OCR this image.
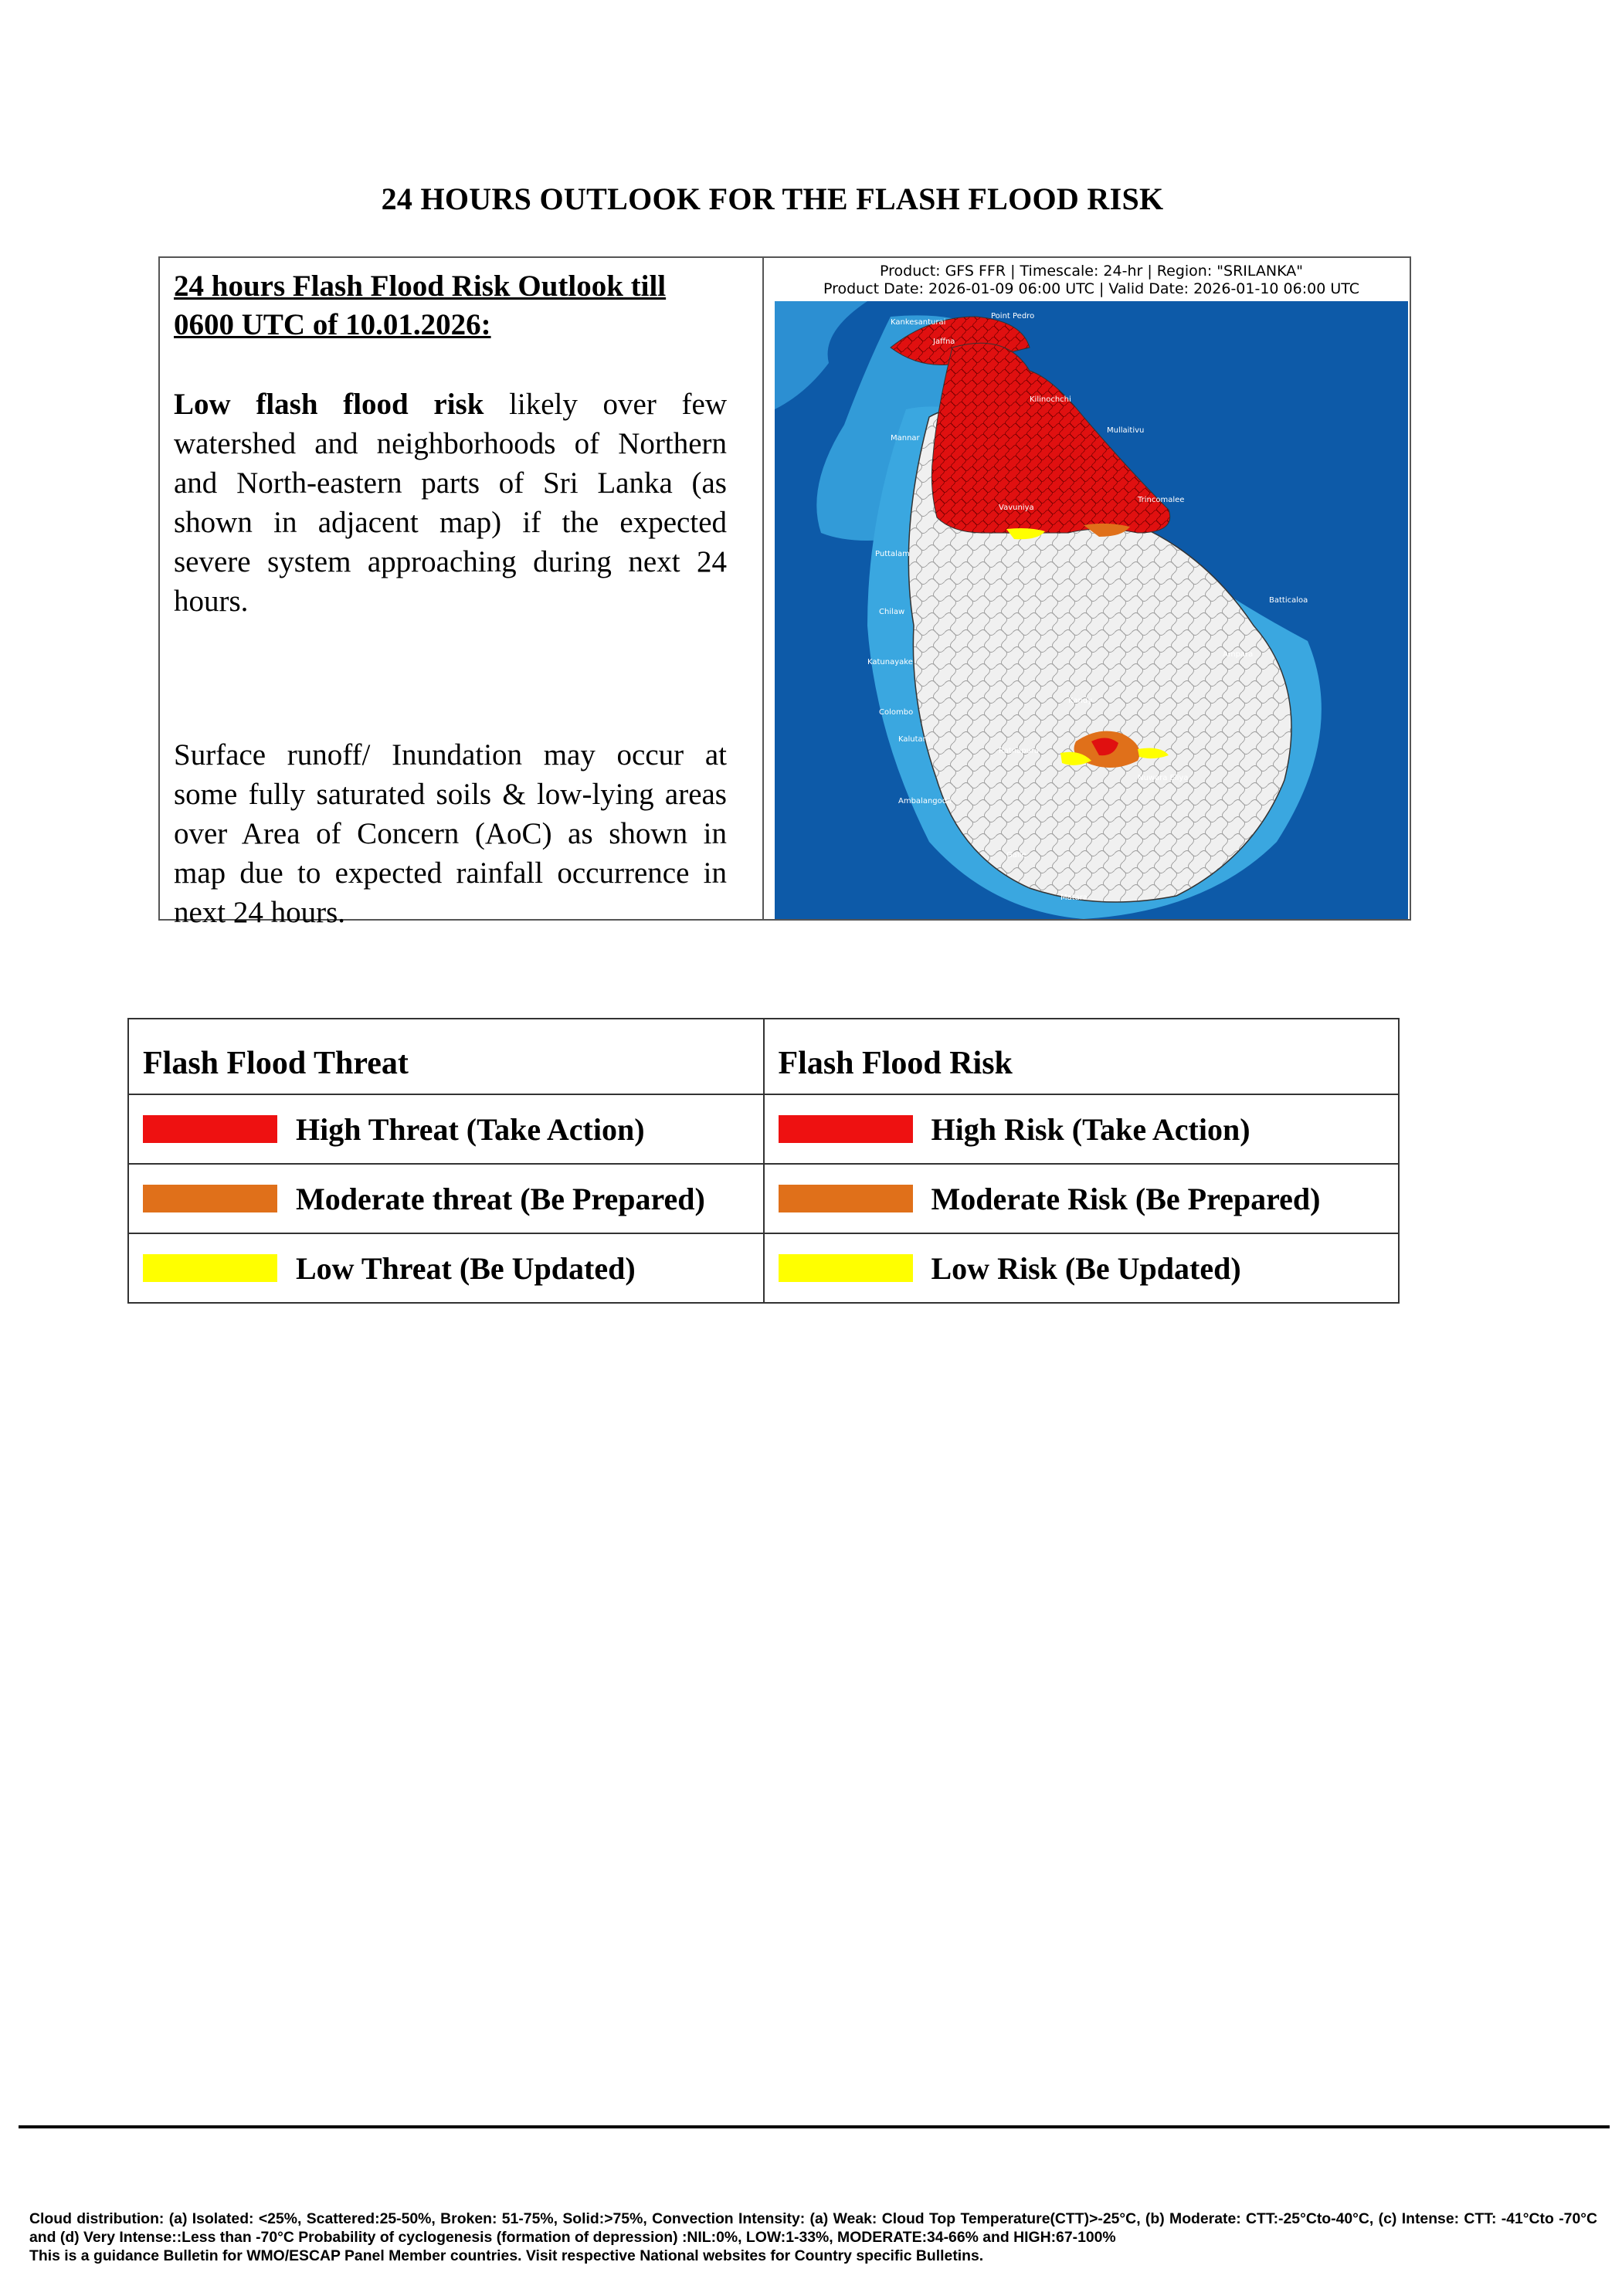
24 HOURS OUTLOOK FOR THE FLASH FLOOD RISK

24 hours Flash Flood Risk Outlook till 0600 UTC of 10.01.2026:

Low flash flood risk likely over few watershed and neighborhoods of Northern and North-eastern parts of Sri Lanka (as shown in adjacent map) if the expected severe system approaching during next 24 hours.

Surface runoff/ Inundation may occur at some fully saturated soils & low-lying areas over Area of Concern (AoC) as shown in map due to expected rainfall occurrence in next 24 hours.

Product: GFS FFR | Timescale: 24-hr | Region: "SRILANKA"
Product Date: 2026-01-09 06:00 UTC | Valid Date: 2026-01-10 06:00 UTC
Kankesanturai
Point Pedro
Jaffna
Kilinochchi
Mannar
Mullaitivu
Trincomalee
Vavuniya
Puttalam
Batticaloa
Chilaw
Katunayake
Colombo
Kalutara
Ratnapura
Ambalangoda
Galle
Matara
Ampara
Kandy
Nuwara Eliya
Flash Flood Threat	Flash Flood Risk

High Threat (Take Action)	High Risk (Take Action)

Moderate threat (Be Prepared)	Moderate Risk (Be Prepared)

Low Threat (Be Updated)	Low Risk (Be Updated)

Cloud distribution: (a) Isolated: <25%, Scattered:25-50%, Broken: 51-75%, Solid:>75%, Convection Intensity: (a) Weak: Cloud Top Temperature(CTT)>-25°C, (b) Moderate: CTT:-25°Cto-40°C, (c) Intense: CTT: -41°Cto -70°C and (d) Very Intense::Less than -70°C Probability of cyclogenesis (formation of depression) :NIL:0%, LOW:1-33%, MODERATE:34-66% and HIGH:67-100%

This is a guidance Bulletin for WMO/ESCAP Panel Member countries. Visit respective National websites for Country specific Bulletins.
